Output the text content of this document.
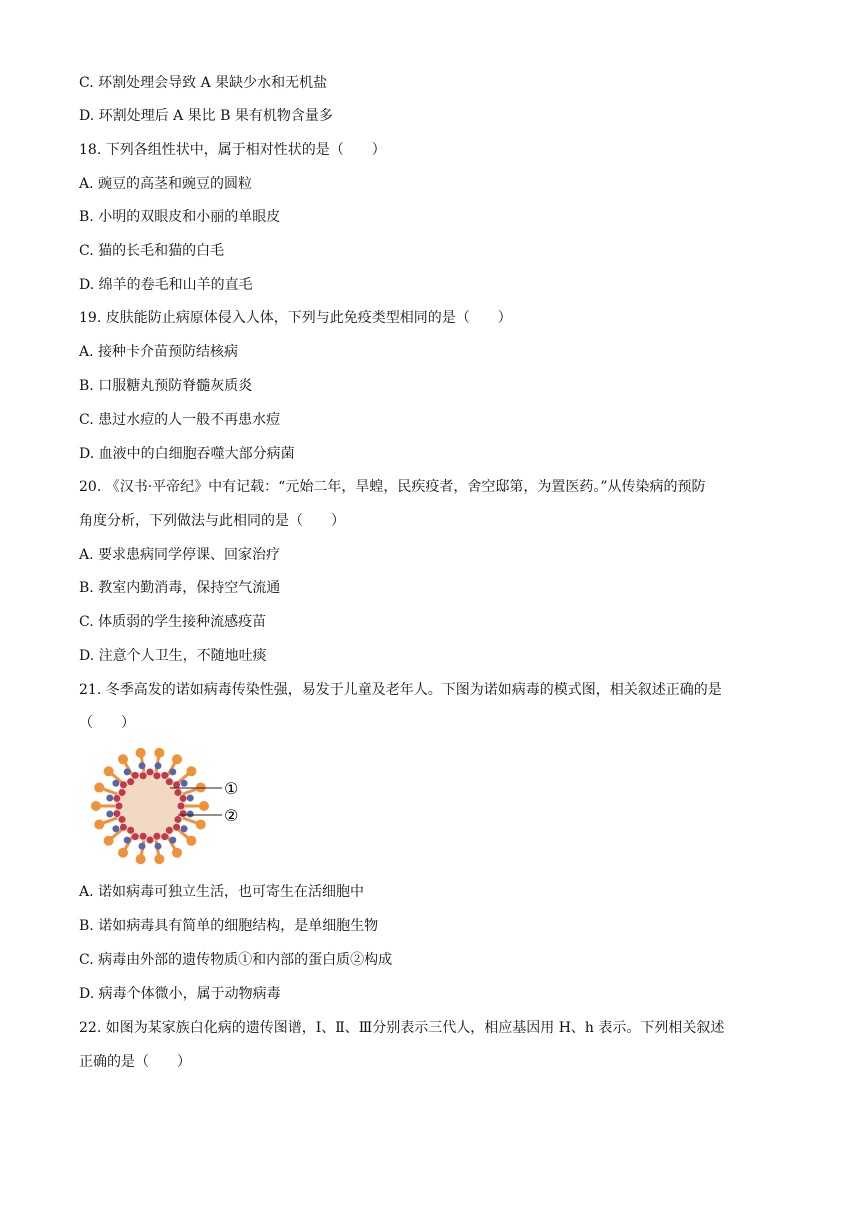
C. 环割处理会导致 A 果缺少水和无机盐
D. 环割处理后 A 果比 B 果有机物含量多
18. 下列各组性状中，属于相对性状的是（　　）
A. 豌豆的高茎和豌豆的圆粒
B. 小明的双眼皮和小丽的单眼皮
C. 猫的长毛和猫的白毛
D. 绵羊的卷毛和山羊的直毛
19. 皮肤能防止病原体侵入人体，下列与此免疫类型相同的是（　　）
A. 接种卡介苗预防结核病
B. 口服糖丸预防脊髓灰质炎
C. 患过水痘的人一般不再患水痘
D. 血液中的白细胞吞噬大部分病菌
20. 《汉书·平帝纪》中有记载：“元始二年，旱蝗，民疾疫者，舍空邸第，为置医药。”从传染病的预防
角度分析，下列做法与此相同的是（　　）
A. 要求患病同学停课、回家治疗
B. 教室内勤消毒，保持空气流通
C. 体质弱的学生接种流感疫苗
D. 注意个人卫生，不随地吐痰
21. 冬季高发的诺如病毒传染性强，易发于儿童及老年人。下图为诺如病毒的模式图，相关叙述正确的是
（　　）
①
②
A. 诺如病毒可独立生活，也可寄生在活细胞中
B. 诺如病毒具有简单的细胞结构，是单细胞生物
C. 病毒由外部的遗传物质①和内部的蛋白质②构成
D. 病毒个体微小，属于动物病毒
22. 如图为某家族白化病的遗传图谱，Ⅰ、Ⅱ、Ⅲ分别表示三代人，相应基因用 H、h 表示。下列相关叙述
正确的是（　　）
